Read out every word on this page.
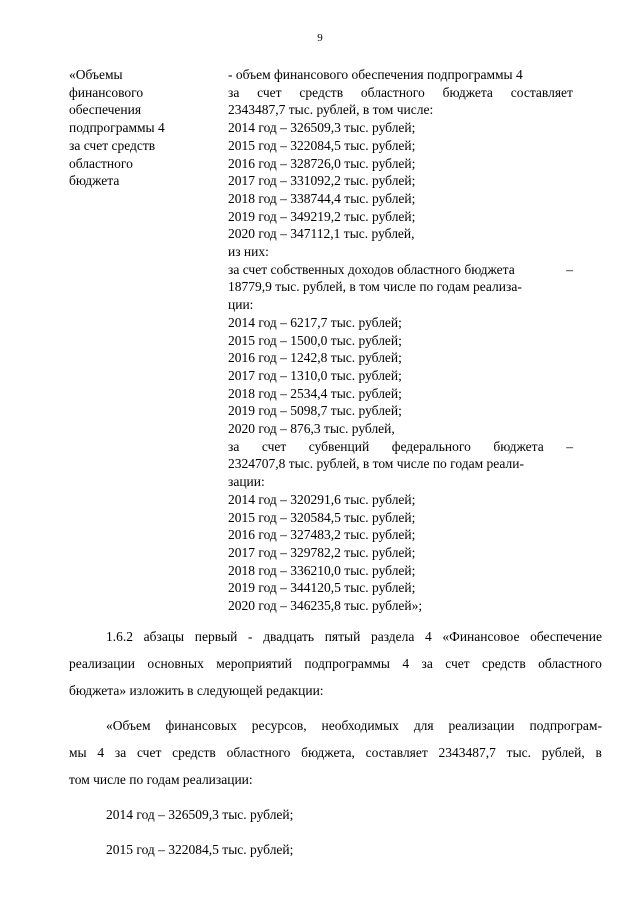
9
«Объемы
финансового
обеспечения
подпрограммы 4
за счет средств
областного
бюджета
- объем финансового обеспечения подпрограммы 4
за счет средств областного бюджета составляет
2343487,7 тыс. рублей, в том числе:
2014 год – 326509,3 тыс. рублей;
2015 год – 322084,5 тыс. рублей;
2016 год – 328726,0 тыс. рублей;
2017 год – 331092,2 тыс. рублей;
2018 год – 338744,4 тыс. рублей;
2019 год – 349219,2 тыс. рублей;
2020 год – 347112,1 тыс. рублей,
из них:
за счет собственных доходов областного бюджета	–
18779,9 тыс. рублей, в том числе по годам реализа-
ции:
2014 год – 6217,7 тыс. рублей;
2015 год – 1500,0 тыс. рублей;
2016 год – 1242,8 тыс. рублей;
2017 год – 1310,0 тыс. рублей;
2018 год – 2534,4 тыс. рублей;
2019 год – 5098,7 тыс. рублей;
2020 год – 876,3 тыс. рублей,
за счет субвенций федерального бюджета –
2324707,8 тыс. рублей, в том числе по годам реали-
зации:
2014 год – 320291,6 тыс. рублей;
2015 год – 320584,5 тыс. рублей;
2016 год – 327483,2 тыс. рублей;
2017 год – 329782,2 тыс. рублей;
2018 год – 336210,0 тыс. рублей;
2019 год – 344120,5 тыс. рублей;
2020 год – 346235,8 тыс. рублей»;
1.6.2 абзацы первый - двадцать пятый раздела 4 «Финансовое обеспечение
реализации основных мероприятий подпрограммы 4 за счет средств областного
бюджета» изложить в следующей редакции:
«Объем финансовых ресурсов, необходимых для реализации подпрограм-
мы 4 за счет средств областного бюджета, составляет 2343487,7 тыс. рублей, в
том числе по годам реализации:
2014 год – 326509,3 тыс. рублей;
2015 год – 322084,5 тыс. рублей;
